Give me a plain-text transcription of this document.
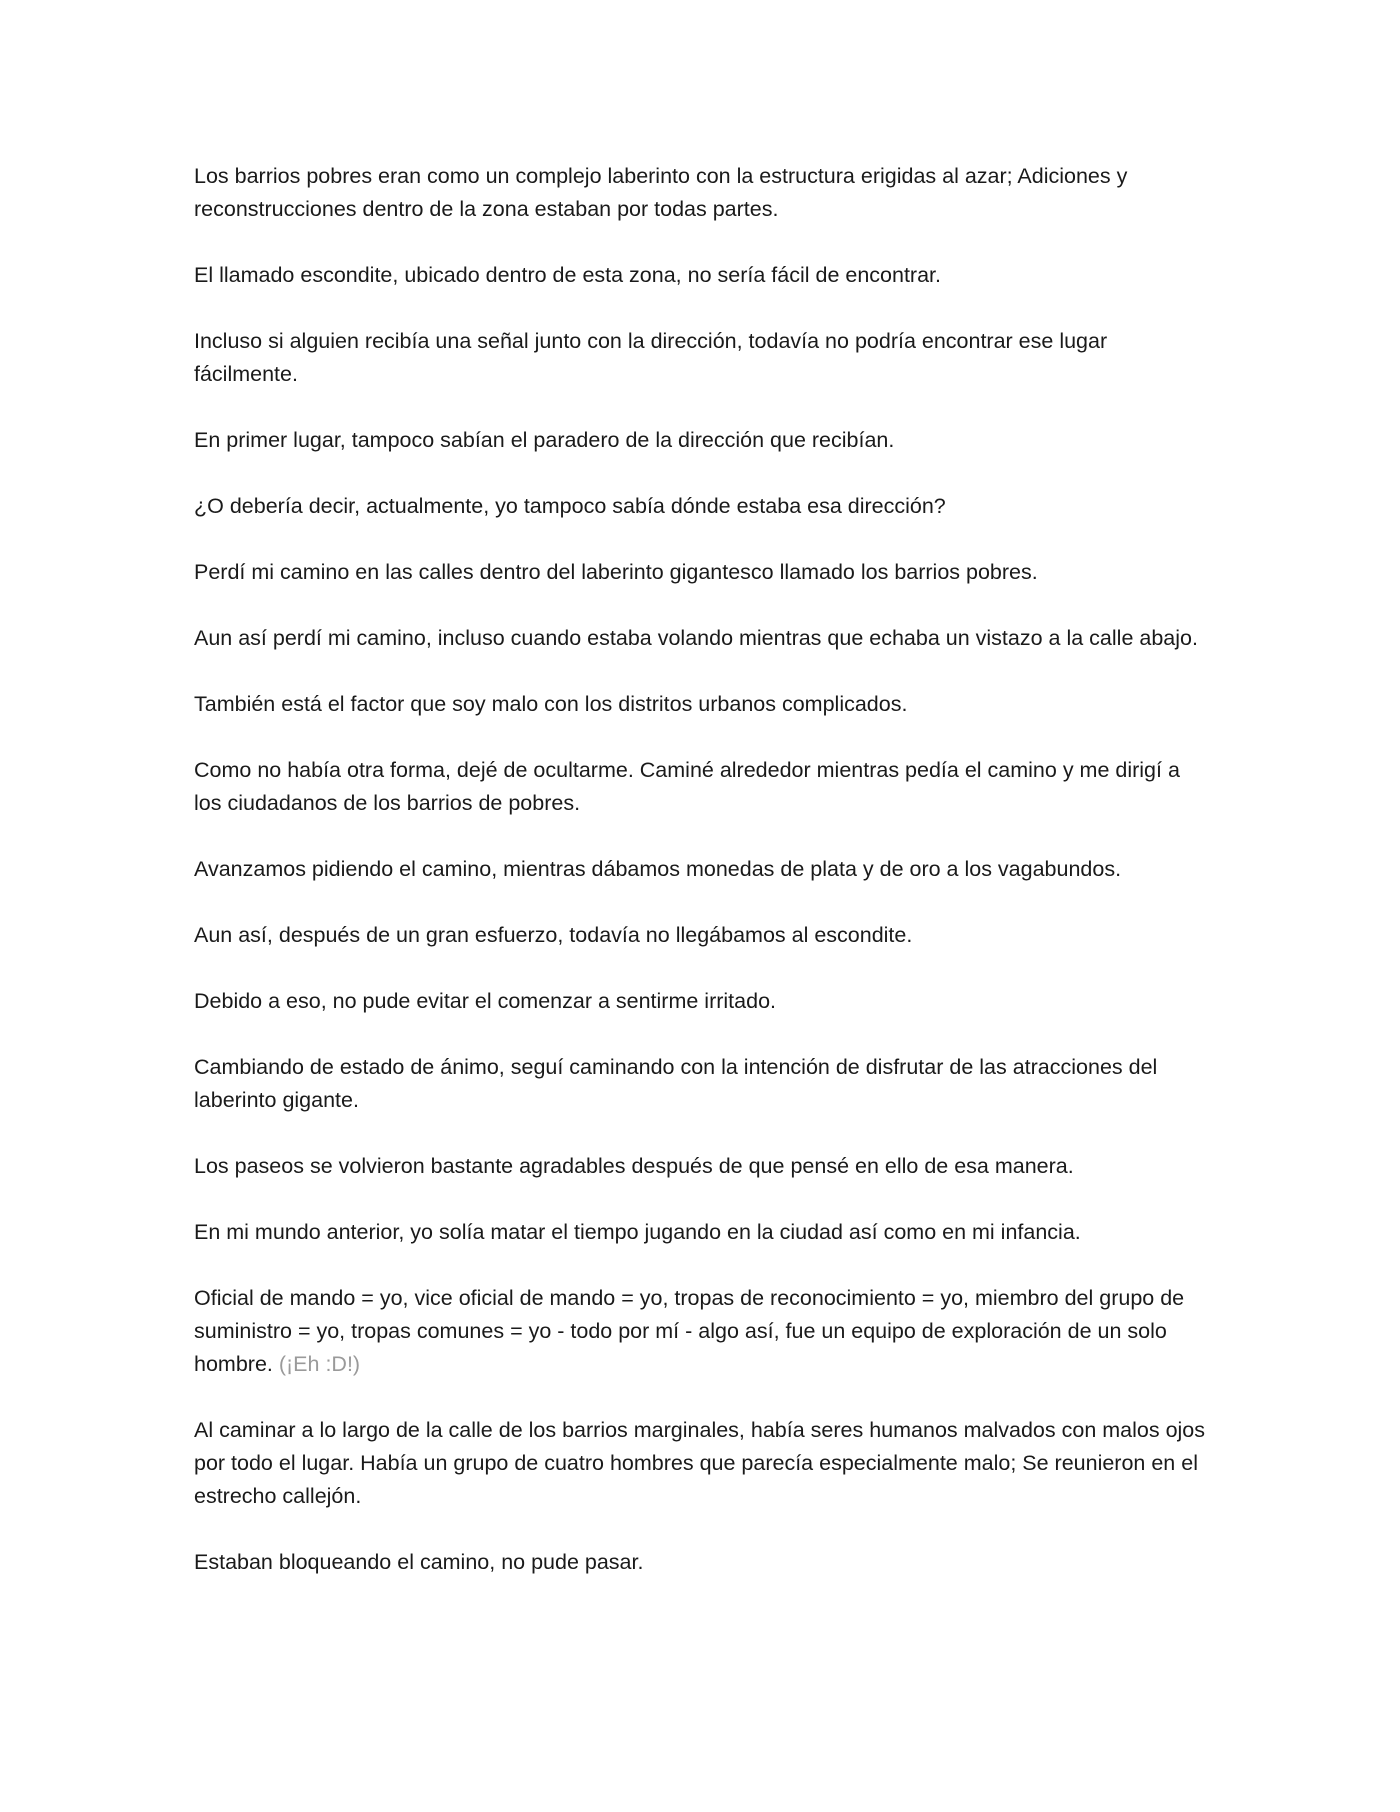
Los barrios pobres eran como un complejo laberinto con la estructura erigidas al azar; Adiciones y reconstrucciones dentro de la zona estaban por todas partes.

El llamado escondite, ubicado dentro de esta zona, no sería fácil de encontrar.

Incluso si alguien recibía una señal junto con la dirección, todavía no podría encontrar ese lugar fácilmente.

En primer lugar, tampoco sabían el paradero de la dirección que recibían.

¿O debería decir, actualmente, yo tampoco sabía dónde estaba esa dirección?

Perdí mi camino en las calles dentro del laberinto gigantesco llamado los barrios pobres.

Aun así perdí mi camino, incluso cuando estaba volando mientras que echaba un vistazo a la calle abajo.

También está el factor que soy malo con los distritos urbanos complicados.

Como no había otra forma, dejé de ocultarme. Caminé alrededor mientras pedía el camino y me dirigí a los ciudadanos de los barrios de pobres.

Avanzamos pidiendo el camino, mientras dábamos monedas de plata y de oro a los vagabundos.

Aun así, después de un gran esfuerzo, todavía no llegábamos al escondite.

Debido a eso, no pude evitar el comenzar a sentirme irritado.

Cambiando de estado de ánimo, seguí caminando con la intención de disfrutar de las atracciones del laberinto gigante.

Los paseos se volvieron bastante agradables después de que pensé en ello de esa manera.

En mi mundo anterior, yo solía matar el tiempo jugando en la ciudad así como en mi infancia.

Oficial de mando = yo, vice oficial de mando = yo, tropas de reconocimiento = yo, miembro del grupo de suministro = yo, tropas comunes = yo - todo por mí - algo así, fue un equipo de exploración de un solo hombre. (¡Eh :D!)

Al caminar a lo largo de la calle de los barrios marginales, había seres humanos malvados con malos ojos por todo el lugar. Había un grupo de cuatro hombres que parecía especialmente malo; Se reunieron en el estrecho callejón.

Estaban bloqueando el camino, no pude pasar.
